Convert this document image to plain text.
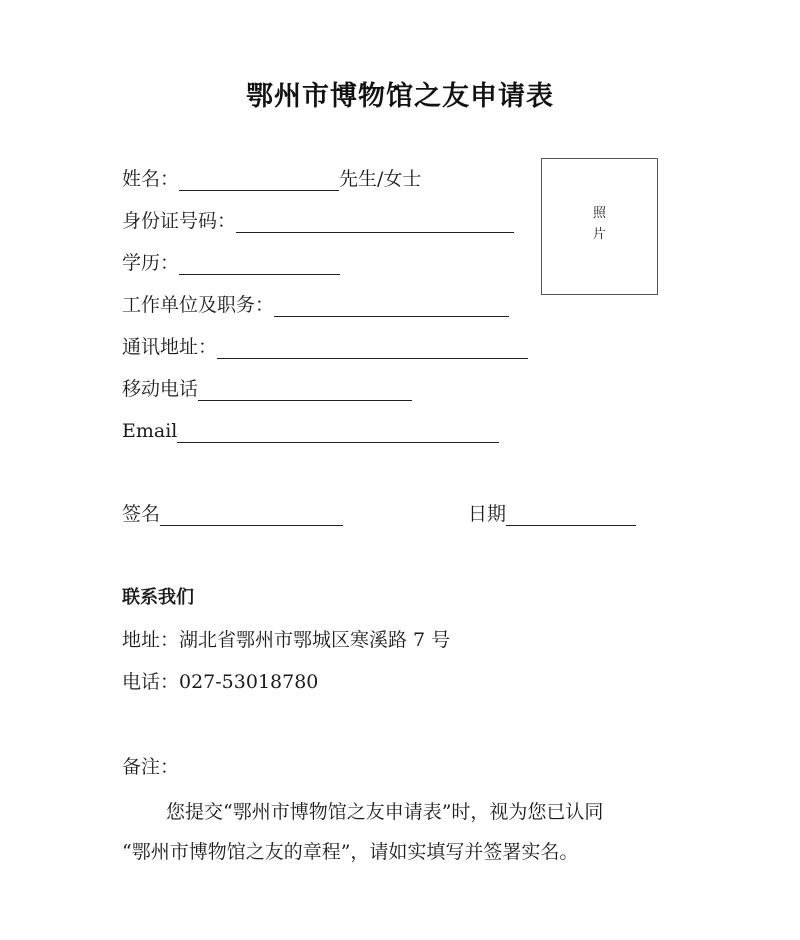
鄂州市博物馆之友申请表
姓名：	先生/女士
身份证号码：
学历：
工作单位及职务：
通讯地址：
移动电话
Email
照
片
签名	日期
联系我们
地址：湖北省鄂州市鄂城区寒溪路 7 号
电话：027-53018780
备注：
您提交“鄂州市博物馆之友申请表”时，视为您已认同
“鄂州市博物馆之友的章程”，请如实填写并签署实名。
